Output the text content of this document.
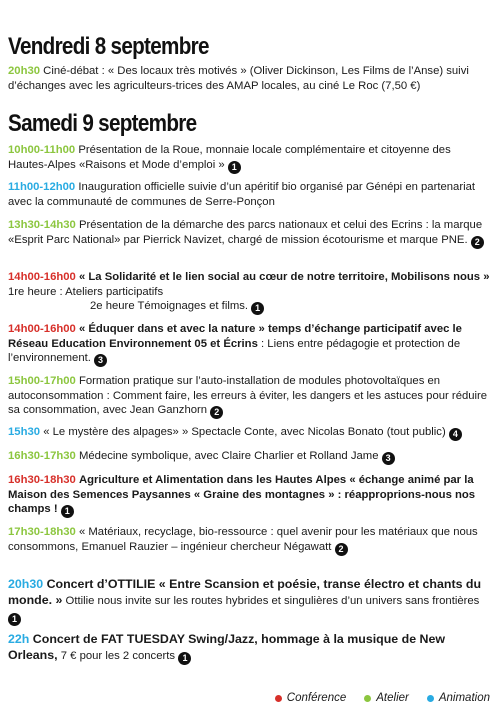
Vendredi 8 septembre
20h30 Ciné-débat : « Des locaux très motivés » (Oliver Dickinson, Les Films de l’Anse) suivi d’échanges avec les agriculteurs-trices des AMAP locales, au ciné Le Roc (7,50 €)
Samedi 9 septembre
10h00-11h00 Présentation de la Roue, monnaie locale complémentaire et citoyenne des Hautes-Alpes «Raisons et Mode d’emploi » 1
11h00-12h00 Inauguration officielle suivie d’un apéritif bio organisé par Génépi en partenariat avec la communauté de communes de Serre-Ponçon
13h30-14h30 Présentation de la démarche des parcs nationaux et celui des Ecrins : la marque «Esprit Parc National» par Pierrick Navizet, chargé de mission écotourisme et marque PNE. 2
14h00-16h00 « La Solidarité et le lien social au cœur de notre territoire, Mobilisons nous » 1re heure : Ateliers participatifs
2e heure Témoignages et films. 1
14h00-16h00 « Éduquer dans et avec la nature » temps d’échange participatif avec le Réseau Education Environnement 05 et Écrins : Liens entre pédagogie et protection de l’environnement. 3
15h00-17h00 Formation pratique sur l’auto-installation de modules photovoltaïques en autoconsommation : Comment faire, les erreurs à éviter, les dangers et les astuces pour réduire sa consommation, avec Jean Ganzhorn 2
15h30 « Le mystère des alpages» » Spectacle Conte, avec Nicolas Bonato (tout public) 4
16h30-17h30 Médecine symbolique, avec Claire Charlier et Rolland Jame 3
16h30-18h30 Agriculture et Alimentation dans les Hautes Alpes « échange animé par la Maison des Semences Paysannes « Graine des montagnes » : réapproprions-nous nos champs ! 1
17h30-18h30 « Matériaux, recyclage, bio-ressource : quel avenir pour les matériaux que nous consommons, Emanuel Rauzier – ingénieur chercheur Négawatt 2
20h30 Concert d’OTTILIE « Entre Scansion et poésie, transe électro et chants du monde. » Ottilie nous invite sur les routes hybrides et singulières d’un univers sans frontières 1
22h Concert de FAT TUESDAY Swing/Jazz, hommage à la musique de New Orleans, 7 € pour les 2 concerts 1
Conférence	Atelier	Animation
